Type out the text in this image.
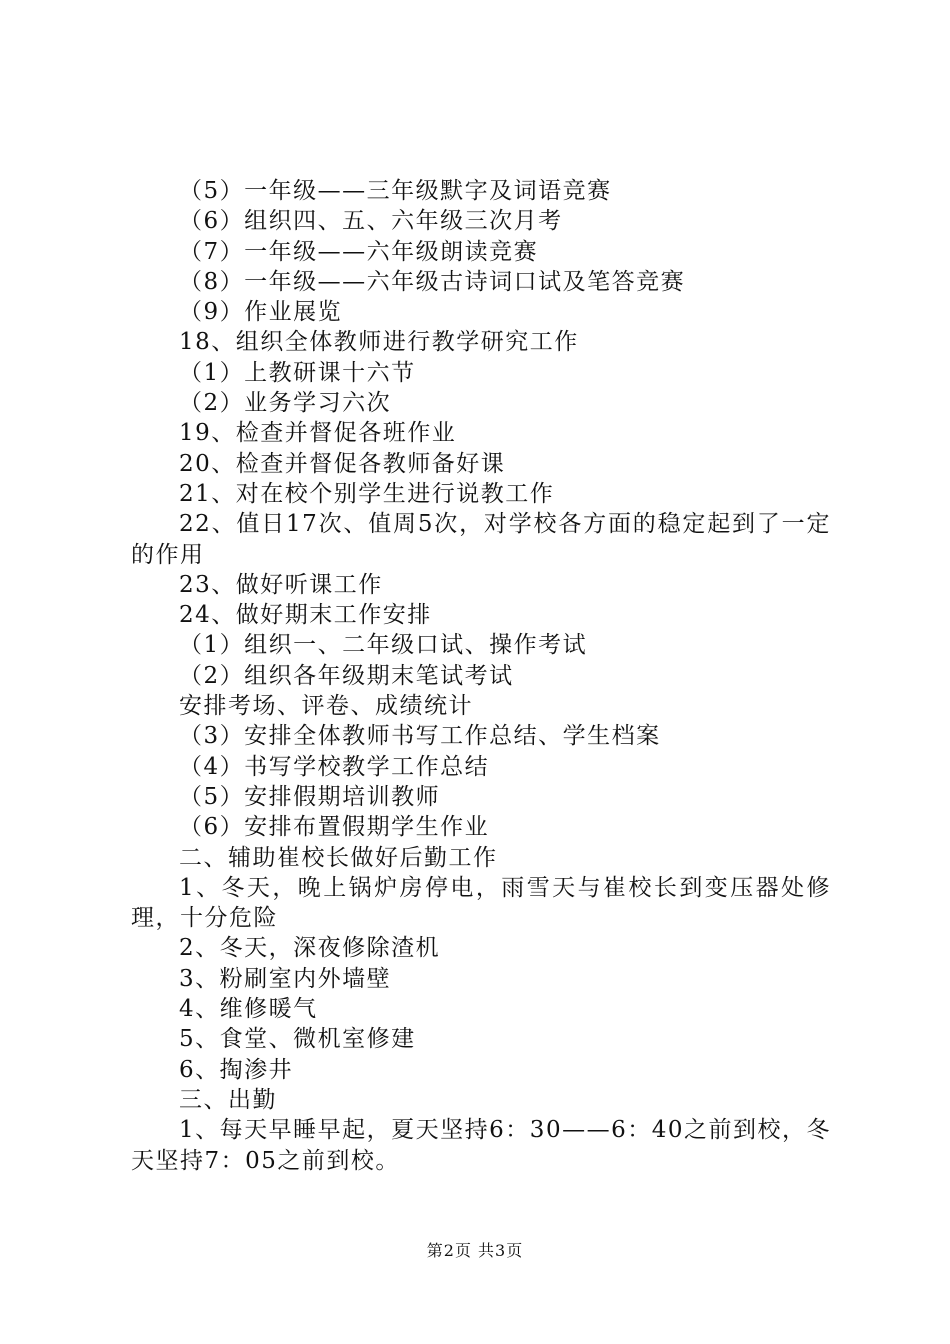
（5）一年级——三年级默字及词语竞赛
（6）组织四、五、六年级三次月考
（7）一年级——六年级朗读竞赛
（8）一年级——六年级古诗词口试及笔答竞赛
（9）作业展览
18、组织全体教师进行教学研究工作
（1）上教研课十六节
（2）业务学习六次
19、检查并督促各班作业
20、检查并督促各教师备好课
21、对在校个别学生进行说教工作
22、值日17次、值周5次，对学校各方面的稳定起到了一定的作用
23、做好听课工作
24、做好期末工作安排
（1）组织一、二年级口试、操作考试
（2）组织各年级期末笔试考试
安排考场、评卷、成绩统计
（3）安排全体教师书写工作总结、学生档案
（4）书写学校教学工作总结
（5）安排假期培训教师
（6）安排布置假期学生作业
二、辅助崔校长做好后勤工作
1、冬天，晚上锅炉房停电，雨雪天与崔校长到变压器处修理，十分危险
2、冬天，深夜修除渣机
3、粉刷室内外墙壁
4、维修暖气
5、食堂、微机室修建
6、掏渗井
三、出勤
1、每天早睡早起，夏天坚持6：30——6：40之前到校，冬天坚持7：05之前到校。
第2页 共3页
